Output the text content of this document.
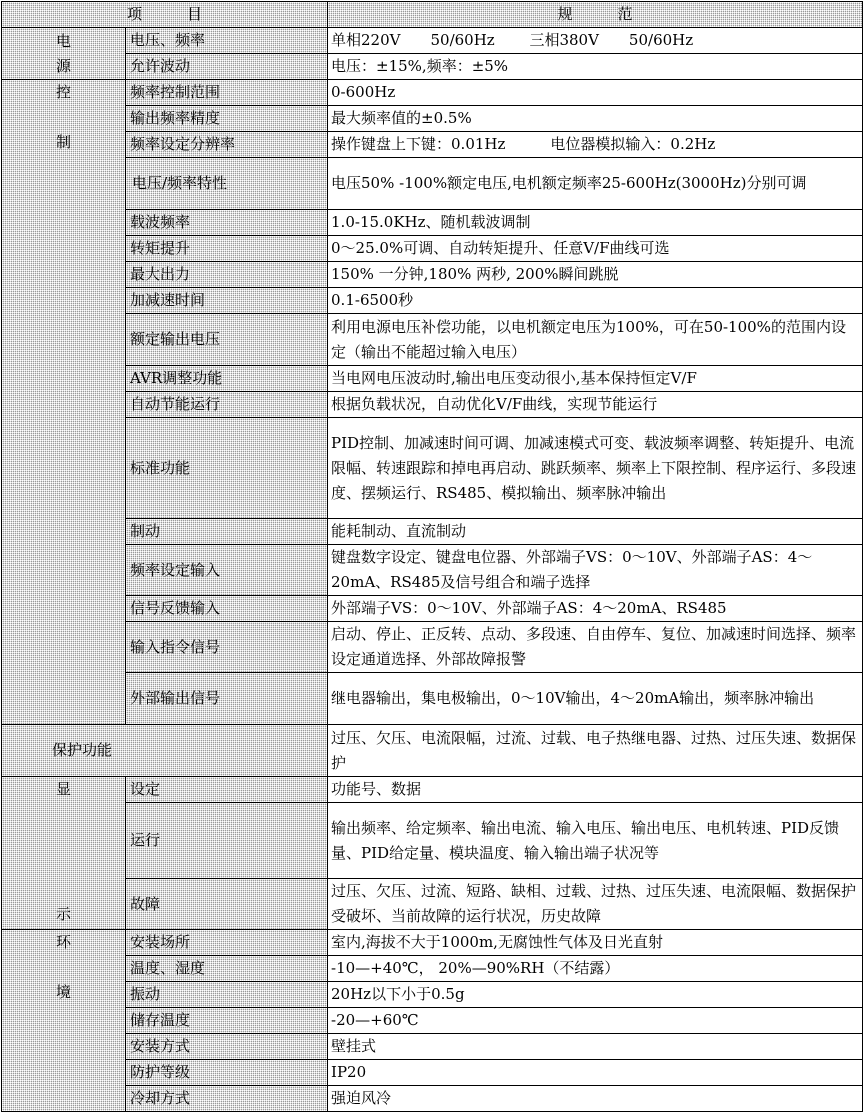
项　　　目		规　　　范

电
源	电压、频率	单相220V　　50/60Hz　　 三相380V　　50/60Hz
	允许波动	电压：±15%,频率：±5%

控

制	频率控制范围	0-600Hz
	输出频率精度	最大频率值的±0.5%
	频率设定分辨率	操作键盘上下键：0.01Hz　　　电位器模拟输入：0.2Hz
	电压/频率特性	电压50% -100%额定电压,电机额定频率25-600Hz(3000Hz)分别可调
	载波频率	1.0-15.0KHz、随机载波调制
	转矩提升	0～25.0%可调、自动转矩提升、任意V/F曲线可选
	最大出力	150% 一分钟,180% 两秒, 200%瞬间跳脱
	加减速时间	0.1-6500秒
	额定输出电压	利用电源电压补偿功能，以电机额定电压为100%，可在50-100%的范围内设定（输出不能超过输入电压）
	AVR调整功能	当电网电压波动时,输出电压变动很小,基本保持恒定V/F
	自动节能运行	根据负载状况，自动优化V/F曲线，实现节能运行
	标准功能	PID控制、加减速时间可调、加减速模式可变、载波频率调整、转矩提升、电流限幅、转速跟踪和掉电再启动、跳跃频率、频率上下限控制、程序运行、多段速度、摆频运行、RS485、模拟输出、频率脉冲输出
	制动	能耗制动、直流制动
	频率设定输入	键盘数字设定、键盘电位器、外部端子VS：0～10V、外部端子AS：4～20mA、RS485及信号组合和端子选择
	信号反馈输入	外部端子VS：0～10V、外部端子AS：4～20mA、RS485
	输入指令信号	启动、停止、正反转、点动、多段速、自由停车、复位、加减速时间选择、频率设定通道选择、外部故障报警
	外部输出信号	继电器输出，集电极输出，0～10V输出，4～20mA输出，频率脉冲输出
保护功能		过压、欠压、电流限幅，过流、过载、电子热继电器、过热、过压失速、数据保护

显
示	设定	功能号、数据
	运行	输出频率、给定频率、输出电流、输入电压、输出电压、电机转速、PID反馈量、PID给定量、模块温度、输入输出端子状况等
	故障	过压、欠压、过流、短路、缺相、过载、过热、过压失速、电流限幅、数据保护受破坏、当前故障的运行状况，历史故障

环

境	安装场所	室内,海拔不大于1000m,无腐蚀性气体及日光直射
	温度、湿度	-10—+40℃， 20%—90%RH（不结露）
	振动	20Hz以下小于0.5g
	储存温度	-20—+60℃
	安装方式	壁挂式
	防护等级	IP20
	冷却方式	强迫风冷
